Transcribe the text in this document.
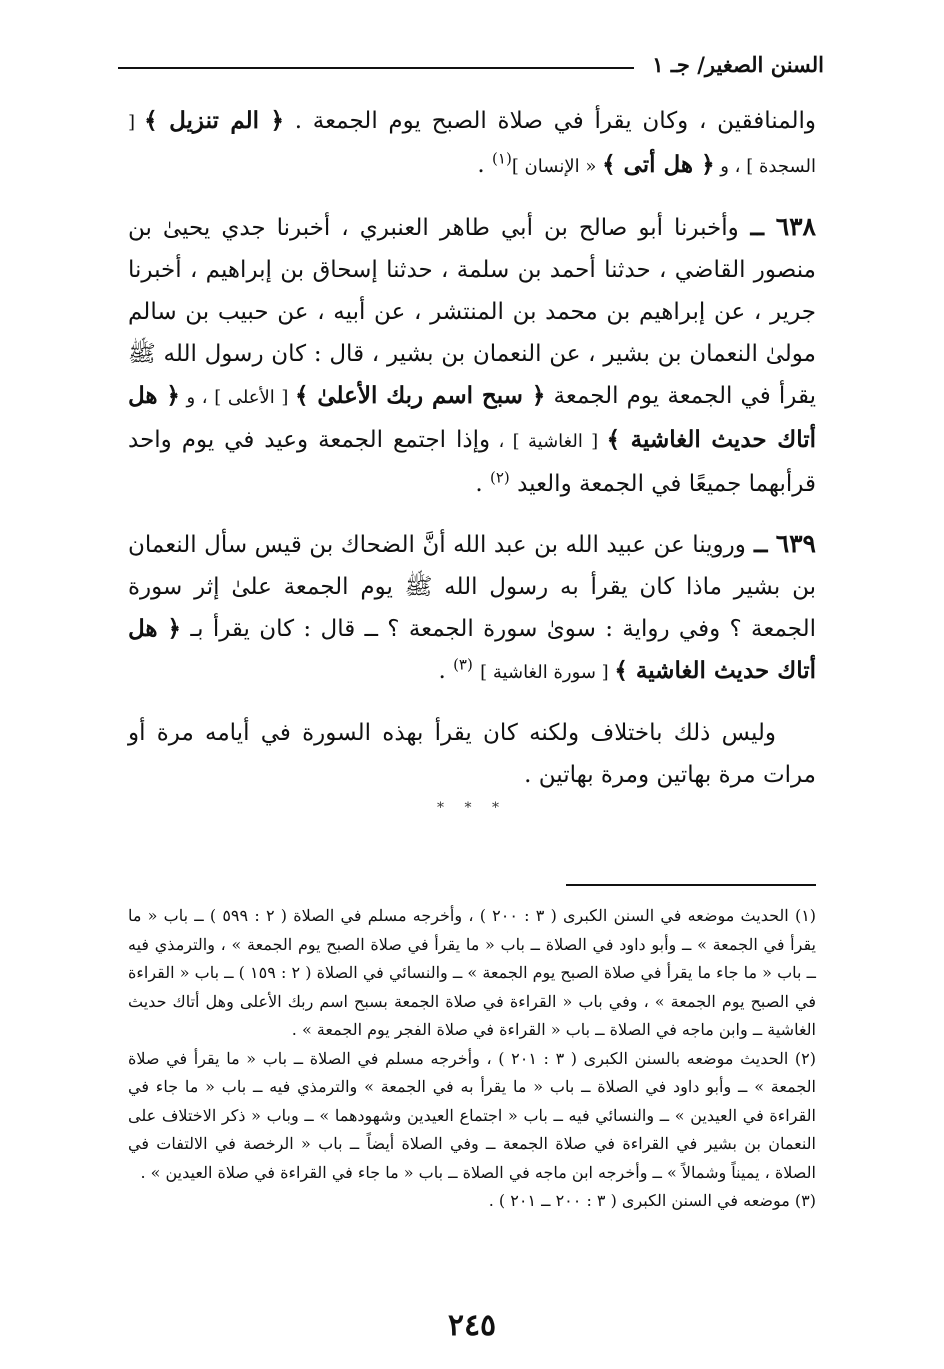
السنن الصغير/ جـ ١

والمنافقين ، وكان يقرأ في صلاة الصبح يوم الجمعة . ﴿ الم تنزيل ﴾ [ السجدة ] ، و ﴿ هل أتى ﴾ « الإنسان ]$^{(١)}$ .

٦٣٨ ــ وأخبرنا أبو صالح بن أبي طاهر العنبري ، أخبرنا جدي يحيىٰ بن منصور القاضي ، حدثنا أحمد بن سلمة ، حدثنا إسحاق بن إبراهيم ، أخبرنا جرير ، عن إبراهيم بن محمد بن المنتشر ، عن أبيه ، عن حبيب بن سالم مولىٰ النعمان بن بشير ، عن النعمان بن بشير ، قال : كان رسول الله ﷺ يقرأ في الجمعة يوم الجمعة ﴿ سبح اسم ربك الأعلىٰ ﴾ [ الأعلى ] ، و ﴿ هل أتاك حديث الغاشية ﴾ [ الغاشية ] ، وإذا اجتمع الجمعة وعيد في يوم واحد قرأبهما جميعًا في الجمعة والعيد $^{(٢)}$ .

٦٣٩ ــ وروينا عن عبيد الله بن عبد الله أنَّ الضحاك بن قيس سأل النعمان بن بشير ماذا كان يقرأ به رسول الله ﷺ يوم الجمعة علىٰ إثر سورة الجمعة ؟ وفي رواية : سوىٰ سورة الجمعة ؟ ــ قال : كان يقرأ بـ ﴿ هل أتاك حديث الغاشية ﴾ [ سورة الغاشية ] $^{(٣)}$ .

وليس ذلك باختلاف ولكنه كان يقرأ بهذه السورة في أيامه مرة أو مرات مرة بهاتين ومرة بهاتين .

* * *

(١) الحديث موضعه في السنن الكبرى ( ٣ : ٢٠٠ ) ، وأخرجه مسلم في الصلاة ( ٢ : ٥٩٩ ) ــ باب « ما يقرأ في الجمعة » ــ وأبو داود في الصلاة ــ باب « ما يقرأ في صلاة الصبح يوم الجمعة » ، والترمذي فيه ــ باب « ما جاء ما يقرأ في صلاة الصبح يوم الجمعة » ــ والنسائي في الصلاة ( ٢ : ١٥٩ ) ــ باب « القراءة في الصبح يوم الجمعة » ، وفي باب « القراءة في صلاة الجمعة بسبح اسم ربك الأعلى وهل أتاك حديث الغاشية ــ وابن ماجه في الصلاة ــ باب « القراءة في صلاة الفجر يوم الجمعة » .

(٢) الحديث موضعه بالسنن الكبرى ( ٣ : ٢٠١ ) ، وأخرجه مسلم في الصلاة ــ باب « ما يقرأ في صلاة الجمعة » ــ وأبو داود في الصلاة ــ باب « ما يقرأ به في الجمعة » والترمذي فيه ــ باب « ما جاء في القراءة في العيدين » ــ والنسائي فيه ــ باب « اجتماع العيدين وشهودهما » ــ وباب « ذكر الاختلاف على النعمان بن بشير في القراءة في صلاة الجمعة ــ وفي الصلاة أيضاً ــ باب « الرخصة في الالتفات في الصلاة ، يميناً وشمالاً » ــ وأخرجه ابن ماجه في الصلاة ــ باب « ما جاء في القراءة في صلاة العيدين » .

(٣) موضعه في السنن الكبرى ( ٣ : ٢٠٠ ــ ٢٠١ ) .

٢٤٥
